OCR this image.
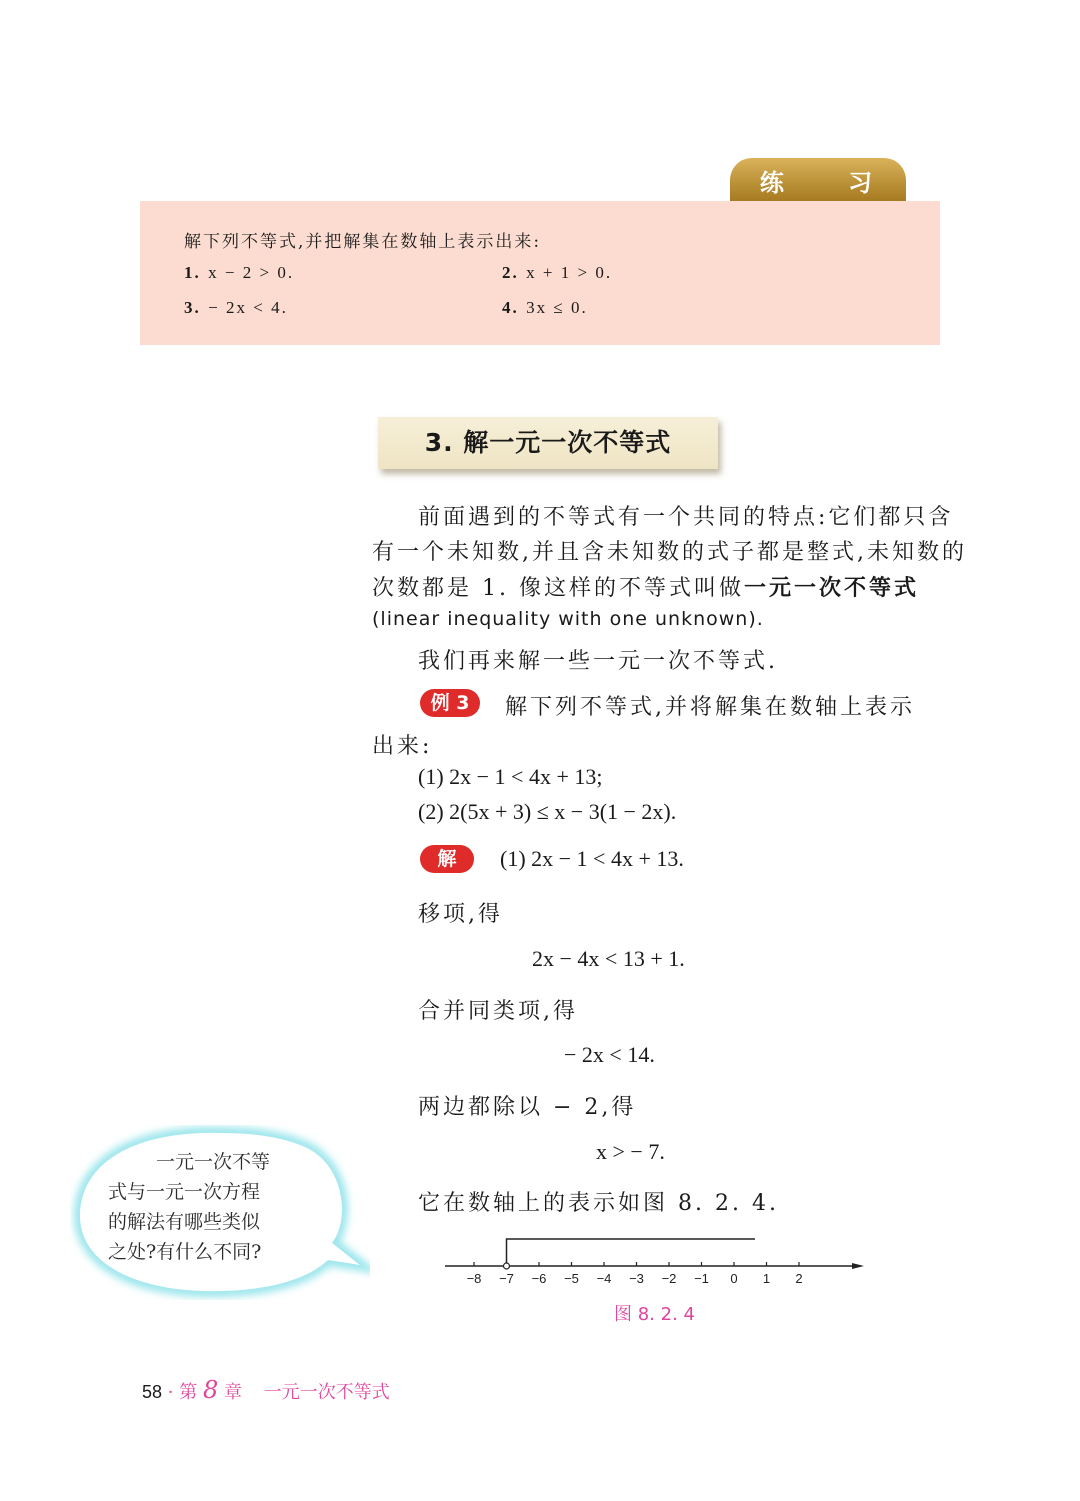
练 习
解下列不等式,并把解集在数轴上表示出来:
1. x − 2 > 0.	2. x + 1 > 0.
3. − 2x < 4.	4. 3x ≤ 0.
3. 解一元一次不等式
前面遇到的不等式有一个共同的特点:它们都只含
有一个未知数,并且含未知数的式子都是整式,未知数的
次数都是 1. 像这样的不等式叫做一元一次不等式
(linear inequality with one unknown).
我们再来解一些一元一次不等式.
例 3	解下列不等式,并将解集在数轴上表示
出来:
(1) 2x − 1 < 4x + 13;
(2) 2(5x + 3) ≤ x − 3(1 − 2x).
解	(1) 2x − 1 < 4x + 13.
移项,得
2x − 4x < 13 + 1.
合并同类项,得
− 2x < 14.
两边都除以 − 2,得
x > − 7.
它在数轴上的表示如图 8. 2. 4.
一元一次不等
式与一元一次方程
的解法有哪些类似
之处?有什么不同?
−8 −7 −6 −5 −4 −3 −2 −1 0 1 2
图 8. 2. 4
58 · 第 8 章 一元一次不等式
